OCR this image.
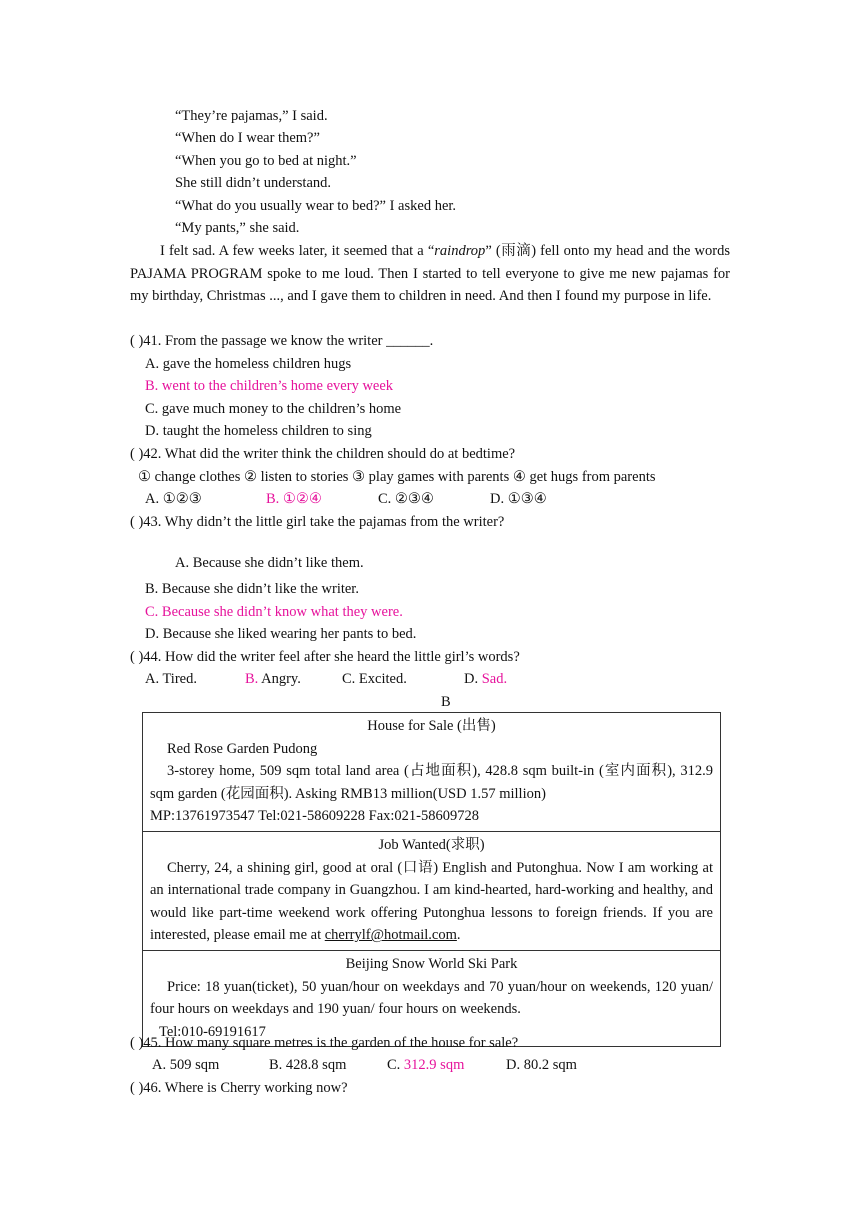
“They’re pajamas,” I said.
“When do I wear them?”
“When you go to bed at night.”
She still didn’t understand.
“What do you usually wear to bed?” I asked her.
“My pants,” she said.
I felt sad. A few weeks later, it seemed that a “raindrop” (雨滴) fell onto my head and the words PAJAMA PROGRAM spoke to me loud. Then I started to tell everyone to give me new pajamas for my birthday, Christmas ..., and I gave them to children in need. And then I found my purpose in life.
( )41. From the passage we know the writer ______.
A. gave the homeless children hugs
B. went to the children’s home every week
C. gave much money to the children’s home
D. taught the homeless children to sing
( )42. What did the writer think the children should do at bedtime?
① change clothes ② listen to stories ③ play games with parents ④ get hugs from parents
A. ①②③	B. ①②④	C. ②③④	D. ①③④
( )43. Why didn’t the little girl take the pajamas from the writer?
A. Because she didn’t like them.
B. Because she didn’t like the writer.
C. Because she didn’t know what they were.
D. Because she liked wearing her pants to bed.
( )44. How did the writer feel after she heard the little girl’s words?
A. Tired.	B. Angry.	C. Excited.	D. Sad.
B
House for Sale (出售)
Red Rose Garden Pudong
3-storey home, 509 sqm total land area (占地面积), 428.8 sqm built-in (室内面积), 312.9 sqm garden (花园面积). Asking RMB13 million(USD 1.57 million)
MP:13761973547 Tel:021-58609228 Fax:021-58609728
Job Wanted(求职)
Cherry, 24, a shining girl, good at oral (口语) English and Putonghua. Now I am working at an international trade company in Guangzhou. I am kind-hearted, hard-working and healthy, and would like part-time weekend work offering Putonghua lessons to foreign friends. If you are interested, please email me at cherrylf@hotmail.com.
Beijing Snow World Ski Park
Price: 18 yuan(ticket), 50 yuan/hour on weekdays and 70 yuan/hour on weekends, 120 yuan/ four hours on weekdays and 190 yuan/ four hours on weekends.
Tel:010-69191617
( )45. How many square metres is the garden of the house for sale?
A. 509 sqm	B. 428.8 sqm	C. 312.9 sqm	D. 80.2 sqm
( )46. Where is Cherry working now?
